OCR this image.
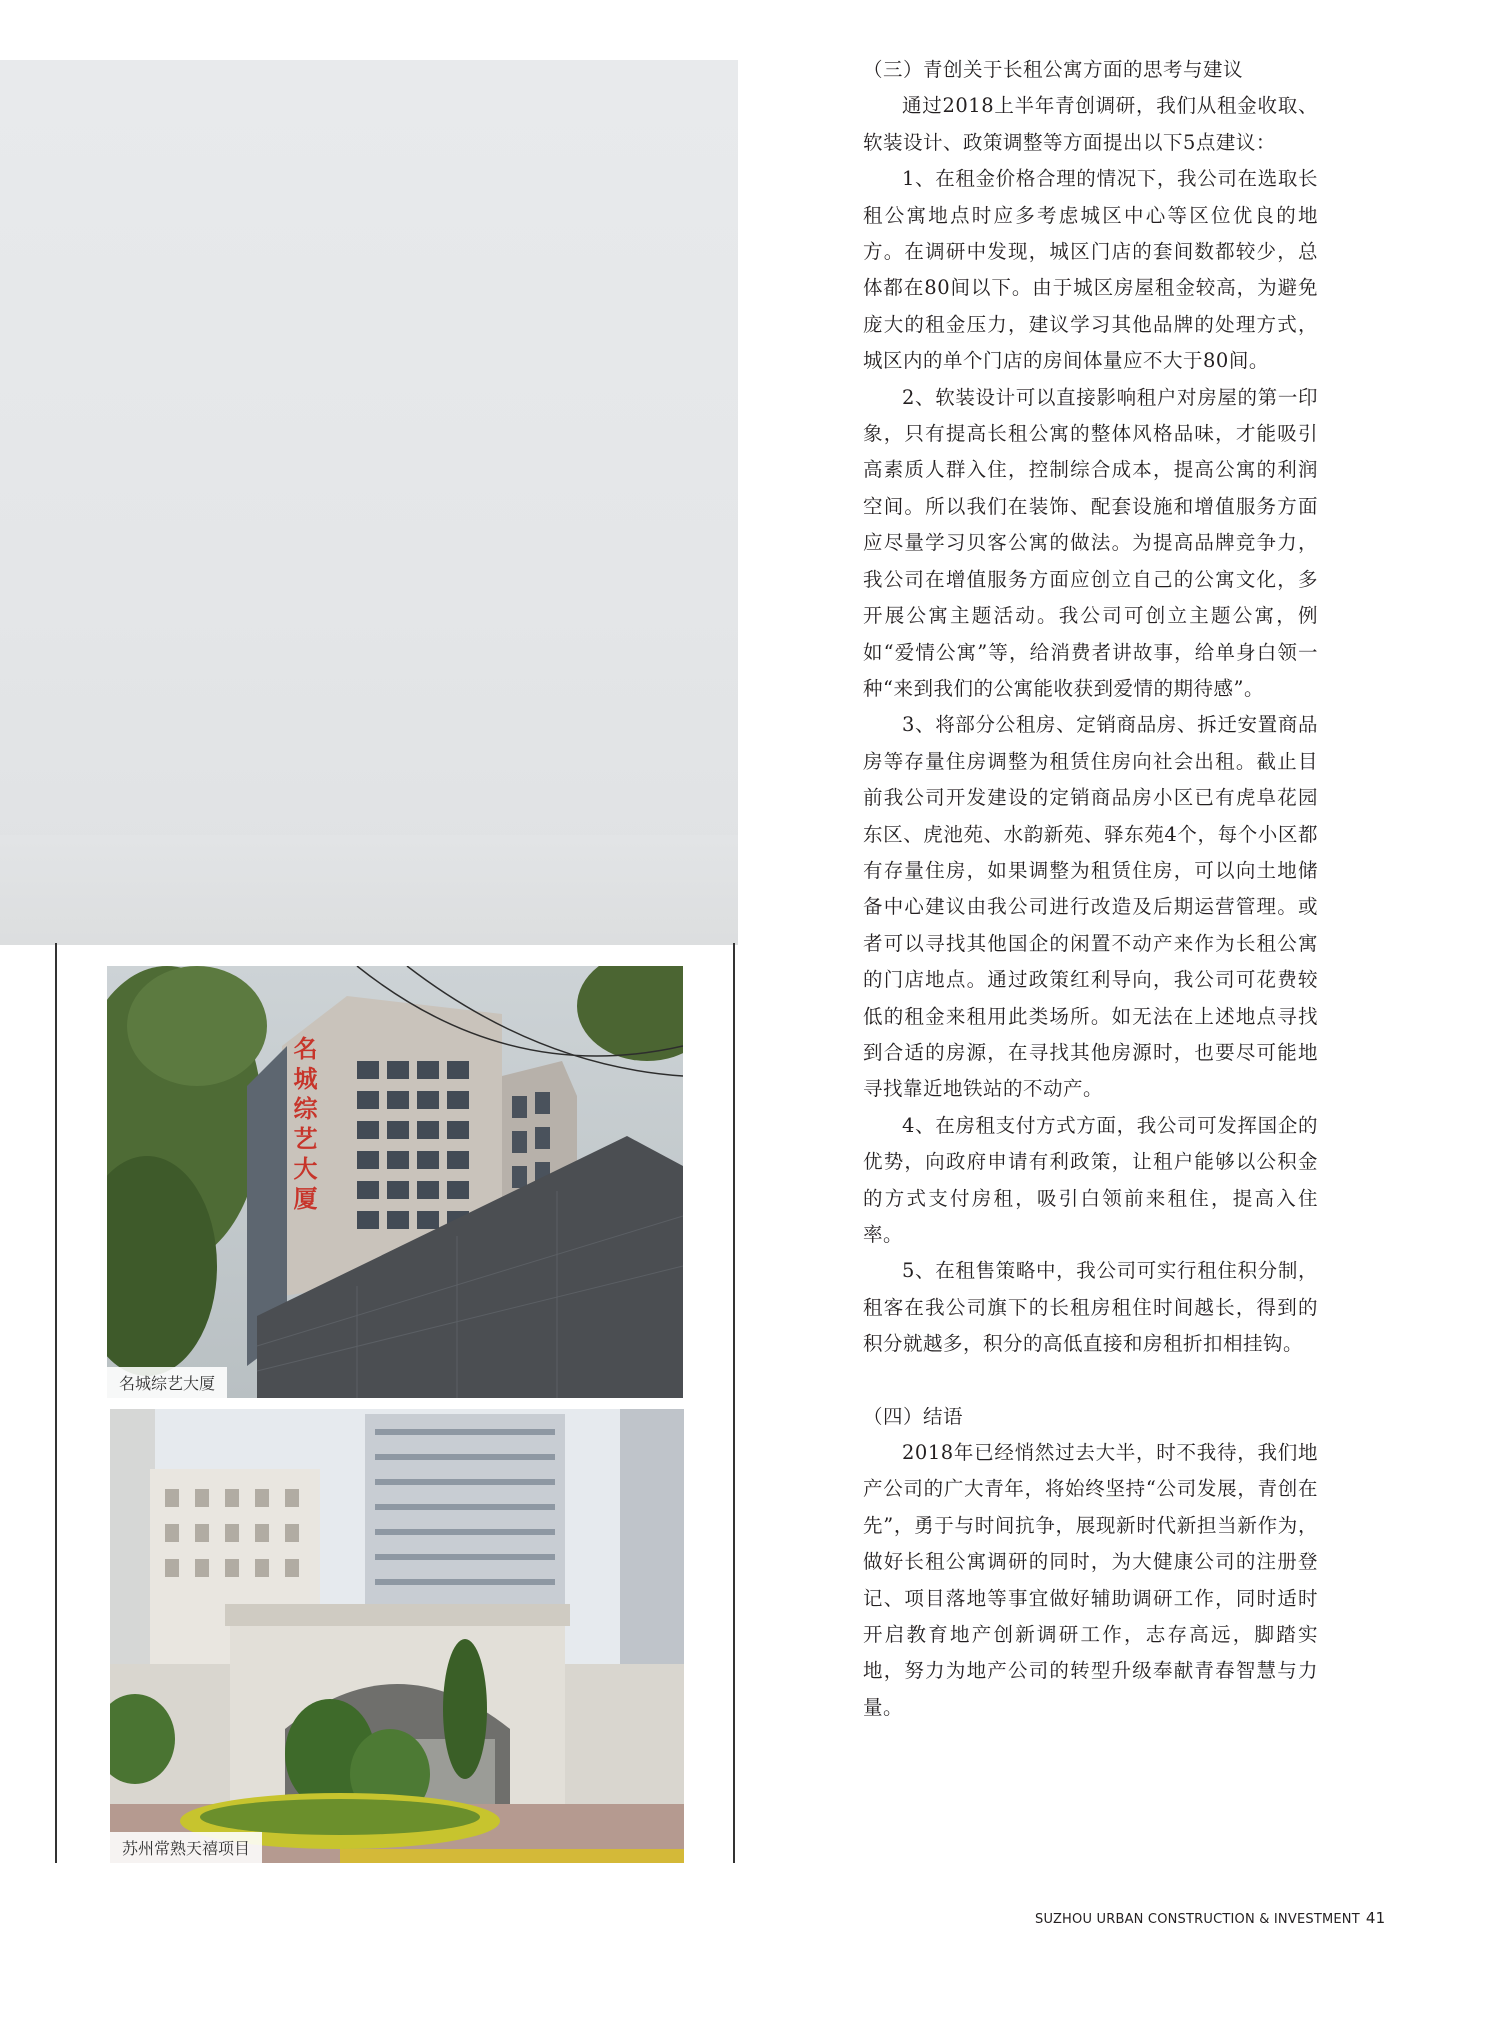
名城综艺大厦
名城综艺大厦
苏州常熟天禧项目

（三）青创关于长租公寓方面的思考与建议

通过2018上半年青创调研，我们从租金收取、软装设计、政策调整等方面提出以下5点建议：

1、在租金价格合理的情况下，我公司在选取长租公寓地点时应多考虑城区中心等区位优良的地方。在调研中发现，城区门店的套间数都较少，总体都在80间以下。由于城区房屋租金较高，为避免庞大的租金压力，建议学习其他品牌的处理方式，城区内的单个门店的房间体量应不大于80间。

2、软装设计可以直接影响租户对房屋的第一印象，只有提高长租公寓的整体风格品味，才能吸引高素质人群入住，控制综合成本，提高公寓的利润空间。所以我们在装饰、配套设施和增值服务方面应尽量学习贝客公寓的做法。为提高品牌竞争力，我公司在增值服务方面应创立自己的公寓文化，多开展公寓主题活动。我公司可创立主题公寓，例如“爱情公寓”等，给消费者讲故事，给单身白领一种“来到我们的公寓能收获到爱情的期待感”。

3、将部分公租房、定销商品房、拆迁安置商品房等存量住房调整为租赁住房向社会出租。截止目前我公司开发建设的定销商品房小区已有虎阜花园东区、虎池苑、水韵新苑、驿东苑4个，每个小区都有存量住房，如果调整为租赁住房，可以向土地储备中心建议由我公司进行改造及后期运营管理。或者可以寻找其他国企的闲置不动产来作为长租公寓的门店地点。通过政策红利导向，我公司可花费较低的租金来租用此类场所。如无法在上述地点寻找到合适的房源，在寻找其他房源时，也要尽可能地寻找靠近地铁站的不动产。

4、在房租支付方式方面，我公司可发挥国企的优势，向政府申请有利政策，让租户能够以公积金的方式支付房租，吸引白领前来租住，提高入住率。

5、在租售策略中，我公司可实行租住积分制，租客在我公司旗下的长租房租住时间越长，得到的积分就越多，积分的高低直接和房租折扣相挂钩。

（四）结语

2018年已经悄然过去大半，时不我待，我们地产公司的广大青年，将始终坚持“公司发展，青创在先”，勇于与时间抗争，展现新时代新担当新作为，做好长租公寓调研的同时，为大健康公司的注册登记、项目落地等事宜做好辅助调研工作，同时适时开启教育地产创新调研工作，志存高远，脚踏实地，努力为地产公司的转型升级奉献青春智慧与力量。

SUZHOU URBAN CONSTRUCTION & INVESTMENT 41
